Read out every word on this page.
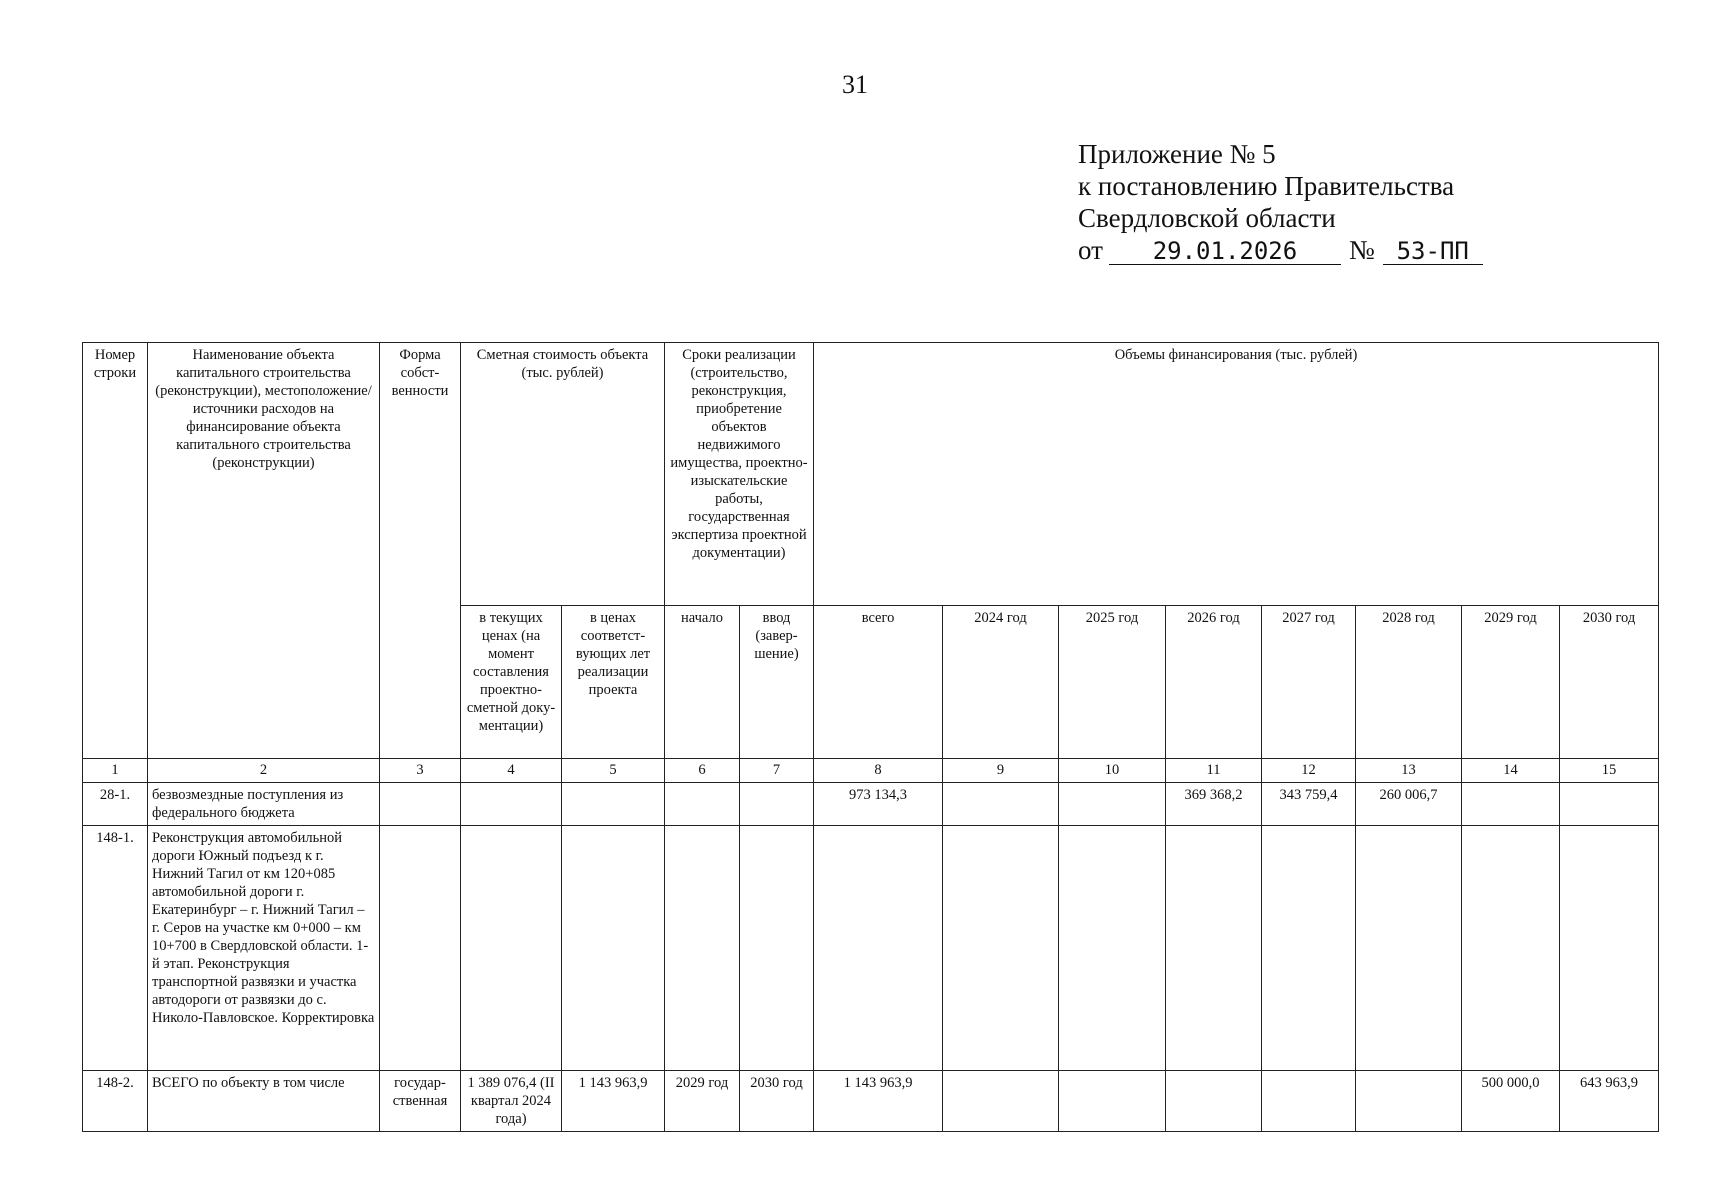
31
Приложение № 5
к постановлению Правительства
Свердловской области
от 29.01.2026 № 53-ПП
Номер строки	Наименование объекта капитального строительства (реконструкции), местоположение/источники расходов на финансирование объекта капитального строительства (реконструкции)	Форма собст-венности	Сметная стоимость объекта (тыс. рублей)		Сроки реализации (строительство, реконструкция, приобретение объектов недвижимого имущества, проектно-изыскательские работы, государственная экспертиза проектной документации)		Объемы финансирования (тыс. рублей)							
			в текущих ценах (на момент составления проектно-сметной доку-ментации)	в ценах соответст-вующих лет реализации проекта	начало	ввод (завер-шение)	всего	2024 год	2025 год	2026 год	2027 год	2028 год	2029 год	2030 год
1	2	3	4	5	6	7	8	9	10	11	12	13	14	15
28-1.	безвозмездные поступления из федерального бюджета						973 134,3			369 368,2	343 759,4	260 006,7		
148-1.	Реконструкция автомобильной дороги Южный подъезд к г. Нижний Тагил от км 120+085 автомобильной дороги г. Екатеринбург – г. Нижний Тагил – г. Серов на участке км 0+000 – км 10+700 в Свердловской области. 1-й этап. Реконструкция транспортной развязки и участка автодороги от развязки до с. Николо-Павловское. Корректировка													
148-2.	ВСЕГО по объекту в том числе	государ-ственная	1 389 076,4 (II квартал 2024 года)	1 143 963,9	2029 год	2030 год	1 143 963,9						500 000,0	643 963,9
